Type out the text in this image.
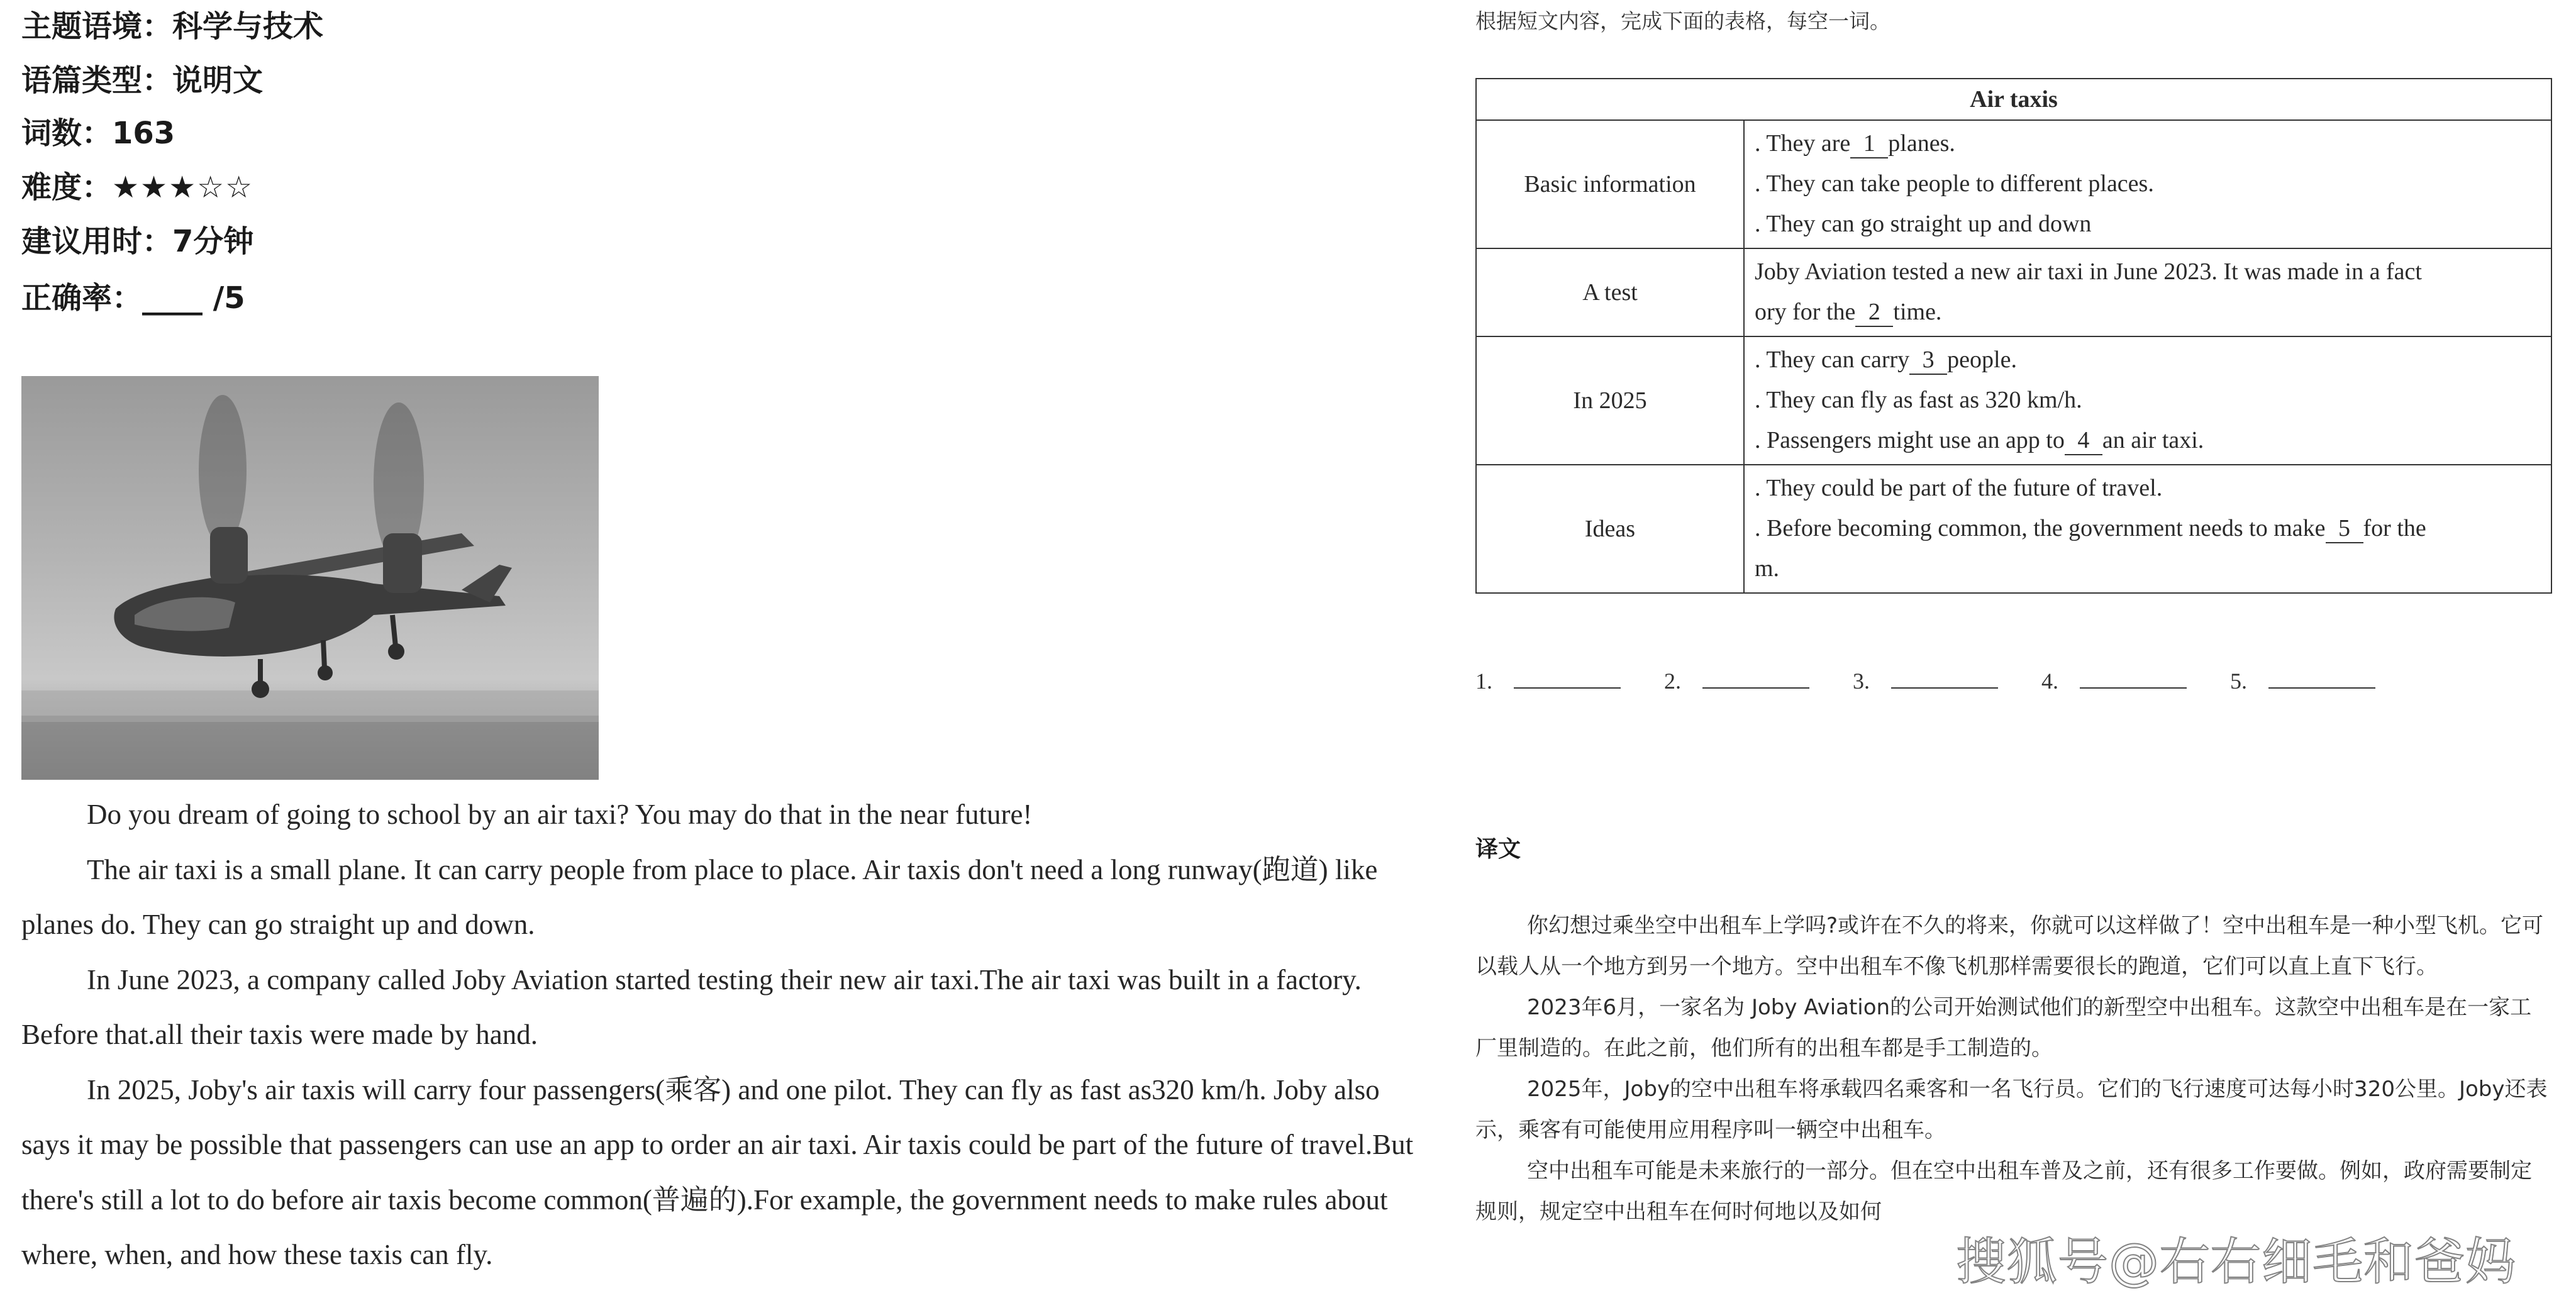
主题语境：科学与技术
语篇类型：说明文
词数：163
难度：★★★☆☆
建议用时：7分钟
正确率：____ /5

Do you dream of going to school by an air taxi? You may do that in the near future!

The air taxi is a small plane. It can carry people from place to place. Air taxis don't need a long runway(跑道) like planes do. They can go straight up and down.

In June 2023, a company called Joby Aviation started testing their new air taxi.The air taxi was built in a factory. Before that.all their taxis were made by hand.

In 2025, Joby's air taxis will carry four passengers(乘客) and one pilot. They can fly as fast as320 km/h. Joby also says it may be possible that passengers can use an app to order an air taxi. Air taxis could be part of the future of travel.But there's still a lot to do before air taxis become common(普遍的).For example, the government needs to make rules about where, when, and how these taxis can fly.

根据短文内容，完成下面的表格，每空一词。
Air taxis	
Basic information	. They are 1 planes.
. They can take people to different places.
. They can go straight up and down

A test	Joby Aviation tested a new air taxi in June 2023. It was made in a fact
ory for the 2 time.

In 2025	. They can carry 3 people.
. They can fly as fast as 320 km/h.
. Passengers might use an app to 4 an air taxi.

Ideas	. They could be part of the future of travel.
. Before becoming common, the government needs to make 5 for the
m.
1.	2.	3.	4.	5.
译文

你幻想过乘坐空中出租车上学吗?或许在不久的将来，你就可以这样做了！空中出租车是一种小型飞机。它可以载人从一个地方到另一个地方。空中出租车不像飞机那样需要很长的跑道，它们可以直上直下飞行。

2023年6月，一家名为 Joby Aviation的公司开始测试他们的新型空中出租车。这款空中出租车是在一家工厂里制造的。在此之前，他们所有的出租车都是手工制造的。

2025年，Joby的空中出租车将承载四名乘客和一名飞行员。它们的飞行速度可达每小时320公里。Joby还表示，乘客有可能使用应用程序叫一辆空中出租车。

空中出租车可能是未来旅行的一部分。但在空中出租车普及之前，还有很多工作要做。例如，政府需要制定规则，规定空中出租车在何时何地以及如何

搜狐号@右右细毛和爸妈
